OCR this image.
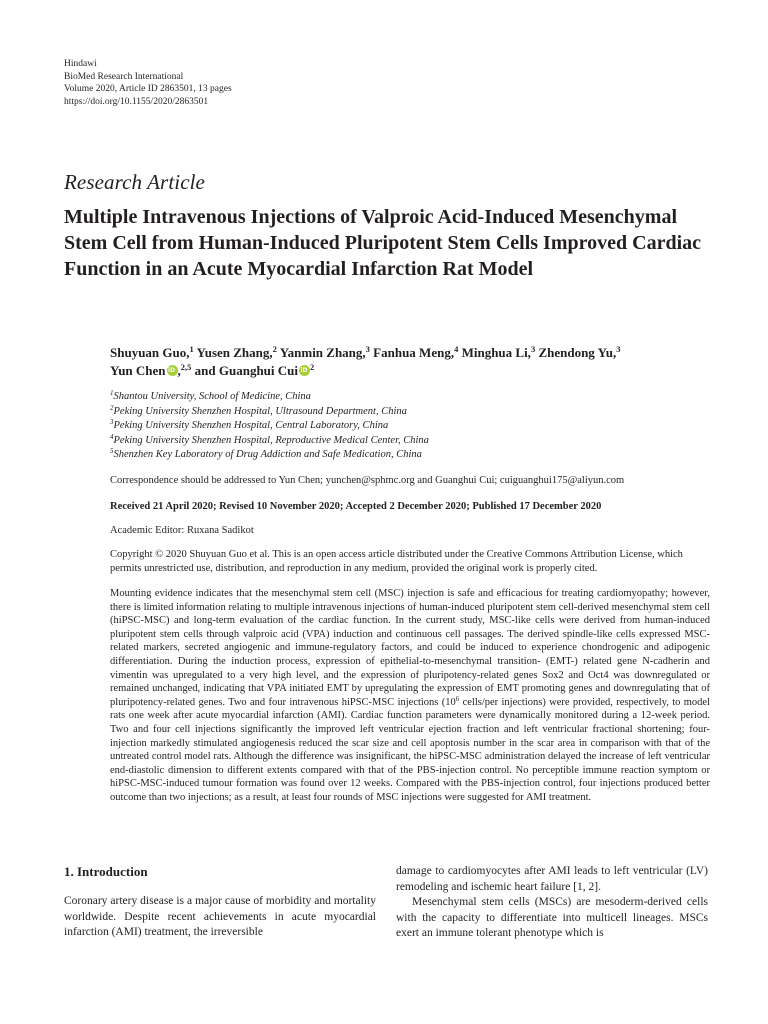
Hindawi
BioMed Research International
Volume 2020, Article ID 2863501, 13 pages
https://doi.org/10.1155/2020/2863501
Research Article
Multiple Intravenous Injections of Valproic Acid-Induced Mesenchymal Stem Cell from Human-Induced Pluripotent Stem Cells Improved Cardiac Function in an Acute Myocardial Infarction Rat Model
Shuyuan Guo,$^1$ Yusen Zhang,$^2$ Yanmin Zhang,$^3$ Fanhua Meng,$^4$ Minghua Li,$^3$ Zhendong Yu,$^3$
Yun Chen iD ,$^{2,5}$ and Guanghui Cui iD $^2$
$^1$Shantou University, School of Medicine, China
$^2$Peking University Shenzhen Hospital, Ultrasound Department, China
$^3$Peking University Shenzhen Hospital, Central Laboratory, China
$^4$Peking University Shenzhen Hospital, Reproductive Medical Center, China
$^5$Shenzhen Key Laboratory of Drug Addiction and Safe Medication, China
Correspondence should be addressed to Yun Chen; yunchen@sphmc.org and Guanghui Cui; cuiguanghui175@aliyun.com
Received 21 April 2020; Revised 10 November 2020; Accepted 2 December 2020; Published 17 December 2020
Academic Editor: Ruxana Sadikot
Copyright © 2020 Shuyuan Guo et al. This is an open access article distributed under the Creative Commons Attribution License, which permits unrestricted use, distribution, and reproduction in any medium, provided the original work is properly cited.
Mounting evidence indicates that the mesenchymal stem cell (MSC) injection is safe and efficacious for treating cardiomyopathy; however, there is limited information relating to multiple intravenous injections of human-induced pluripotent stem cell-derived mesenchymal stem cell (hiPSC-MSC) and long-term evaluation of the cardiac function. In the current study, MSC-like cells were derived from human-induced pluripotent stem cells through valproic acid (VPA) induction and continuous cell passages. The derived spindle-like cells expressed MSC-related markers, secreted angiogenic and immune-regulatory factors, and could be induced to experience chondrogenic and adipogenic differentiation. During the induction process, expression of epithelial-to-mesenchymal transition- (EMT-) related gene N-cadherin and vimentin was upregulated to a very high level, and the expression of pluripotency-related genes Sox2 and Oct4 was downregulated or remained unchanged, indicating that VPA initiated EMT by upregulating the expression of EMT promoting genes and downregulating that of pluripotency-related genes. Two and four intravenous hiPSC-MSC injections ($10^6$ cells/per injections) were provided, respectively, to model rats one week after acute myocardial infarction (AMI). Cardiac function parameters were dynamically monitored during a 12-week period. Two and four cell injections significantly the improved left ventricular ejection fraction and left ventricular fractional shortening; four-injection markedly stimulated angiogenesis reduced the scar size and cell apoptosis number in the scar area in comparison with that of the untreated control model rats. Although the difference was insignificant, the hiPSC-MSC administration delayed the increase of left ventricular end-diastolic dimension to different extents compared with that of the PBS-injection control. No perceptible immune reaction symptom or hiPSC-MSC-induced tumour formation was found over 12 weeks. Compared with the PBS-injection control, four injections produced better outcome than two injections; as a result, at least four rounds of MSC injections were suggested for AMI treatment.
1. Introduction

Coronary artery disease is a major cause of morbidity and mortality worldwide. Despite recent achievements in acute myocardial infarction (AMI) treatment, the irreversible

damage to cardiomyocytes after AMI leads to left ventricular (LV) remodeling and ischemic heart failure [1, 2].

Mesenchymal stem cells (MSCs) are mesoderm-derived cells with the capacity to differentiate into multicell lineages. MSCs exert an immune tolerant phenotype which is
